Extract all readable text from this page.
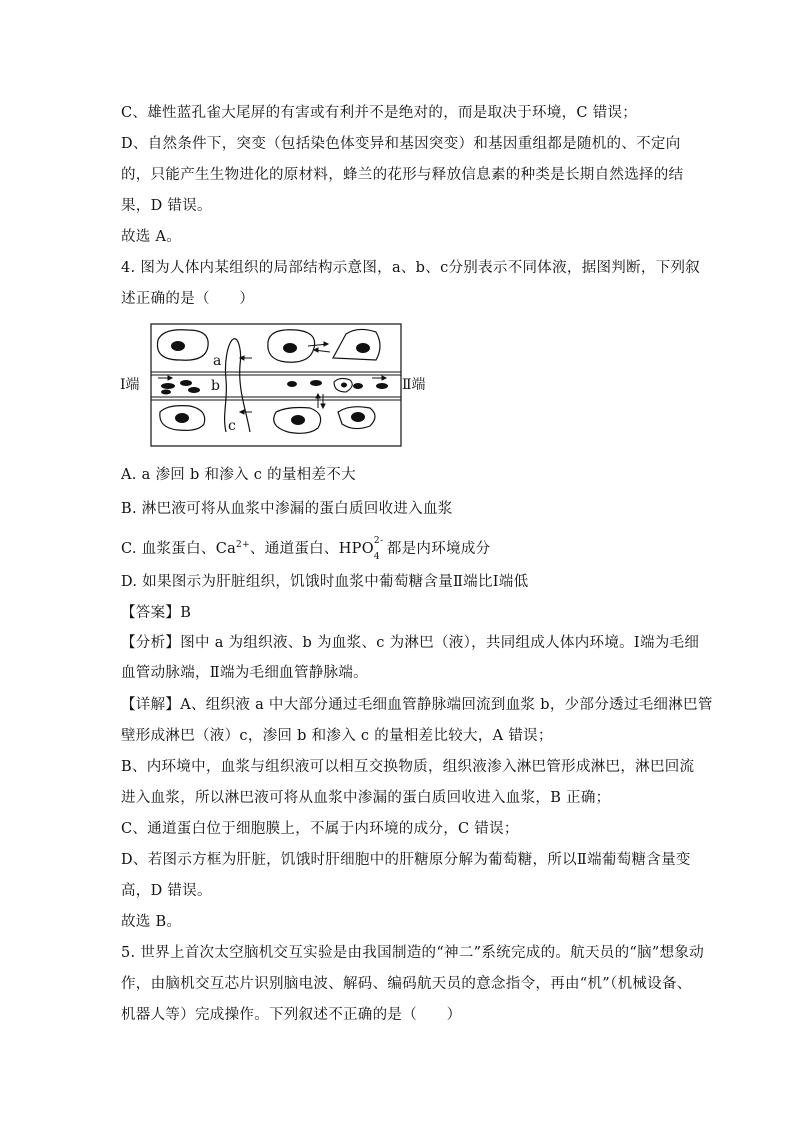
C、雄性蓝孔雀大尾屏的有害或有利并不是绝对的，而是取决于环境，C 错误；
D、自然条件下，突变（包括染色体变异和基因突变）和基因重组都是随机的、不定向
的，只能产生生物进化的原材料，蜂兰的花形与释放信息素的种类是长期自然选择的结
果，D 错误。
故选 A。
4. 图为人体内某组织的局部结构示意图，a、b、c分别表示不同体液，据图判断，下列叙
述正确的是（　　）
Ⅰ端	Ⅱ端
a
b
c
A. a 渗回 b 和渗入 c 的量相差不大
B. 淋巴液可将从血浆中渗漏的蛋白质回收进入血浆
C. 血浆蛋白、$Ca^{2+}$、通道蛋白、HPO 2-
4 都是内环境成分
D. 如果图示为肝脏组织，饥饿时血浆中葡萄糖含量Ⅱ端比Ⅰ端低
【答案】B
【分析】图中 a 为组织液、b 为血浆、c 为淋巴（液），共同组成人体内环境。Ⅰ端为毛细
血管动脉端，Ⅱ端为毛细血管静脉端。
【详解】A、组织液 a 中大部分通过毛细血管静脉端回流到血浆 b，少部分透过毛细淋巴管
壁形成淋巴（液）c，渗回 b 和渗入 c 的量相差比较大，A 错误；
B、内环境中，血浆与组织液可以相互交换物质，组织液渗入淋巴管形成淋巴，淋巴回流
进入血浆，所以淋巴液可将从血浆中渗漏的蛋白质回收进入血浆，B 正确；
C、通道蛋白位于细胞膜上，不属于内环境的成分，C 错误；
D、若图示方框为肝脏，饥饿时肝细胞中的肝糖原分解为葡萄糖，所以Ⅱ端葡萄糖含量变
高，D 错误。
故选 B。
5. 世界上首次太空脑机交互实验是由我国制造的“神二”系统完成的。航天员的“脑”想象动
作，由脑机交互芯片识别脑电波、解码、编码航天员的意念指令，再由“机”（机械设备、
机器人等）完成操作。下列叙述不正确的是（　　）
